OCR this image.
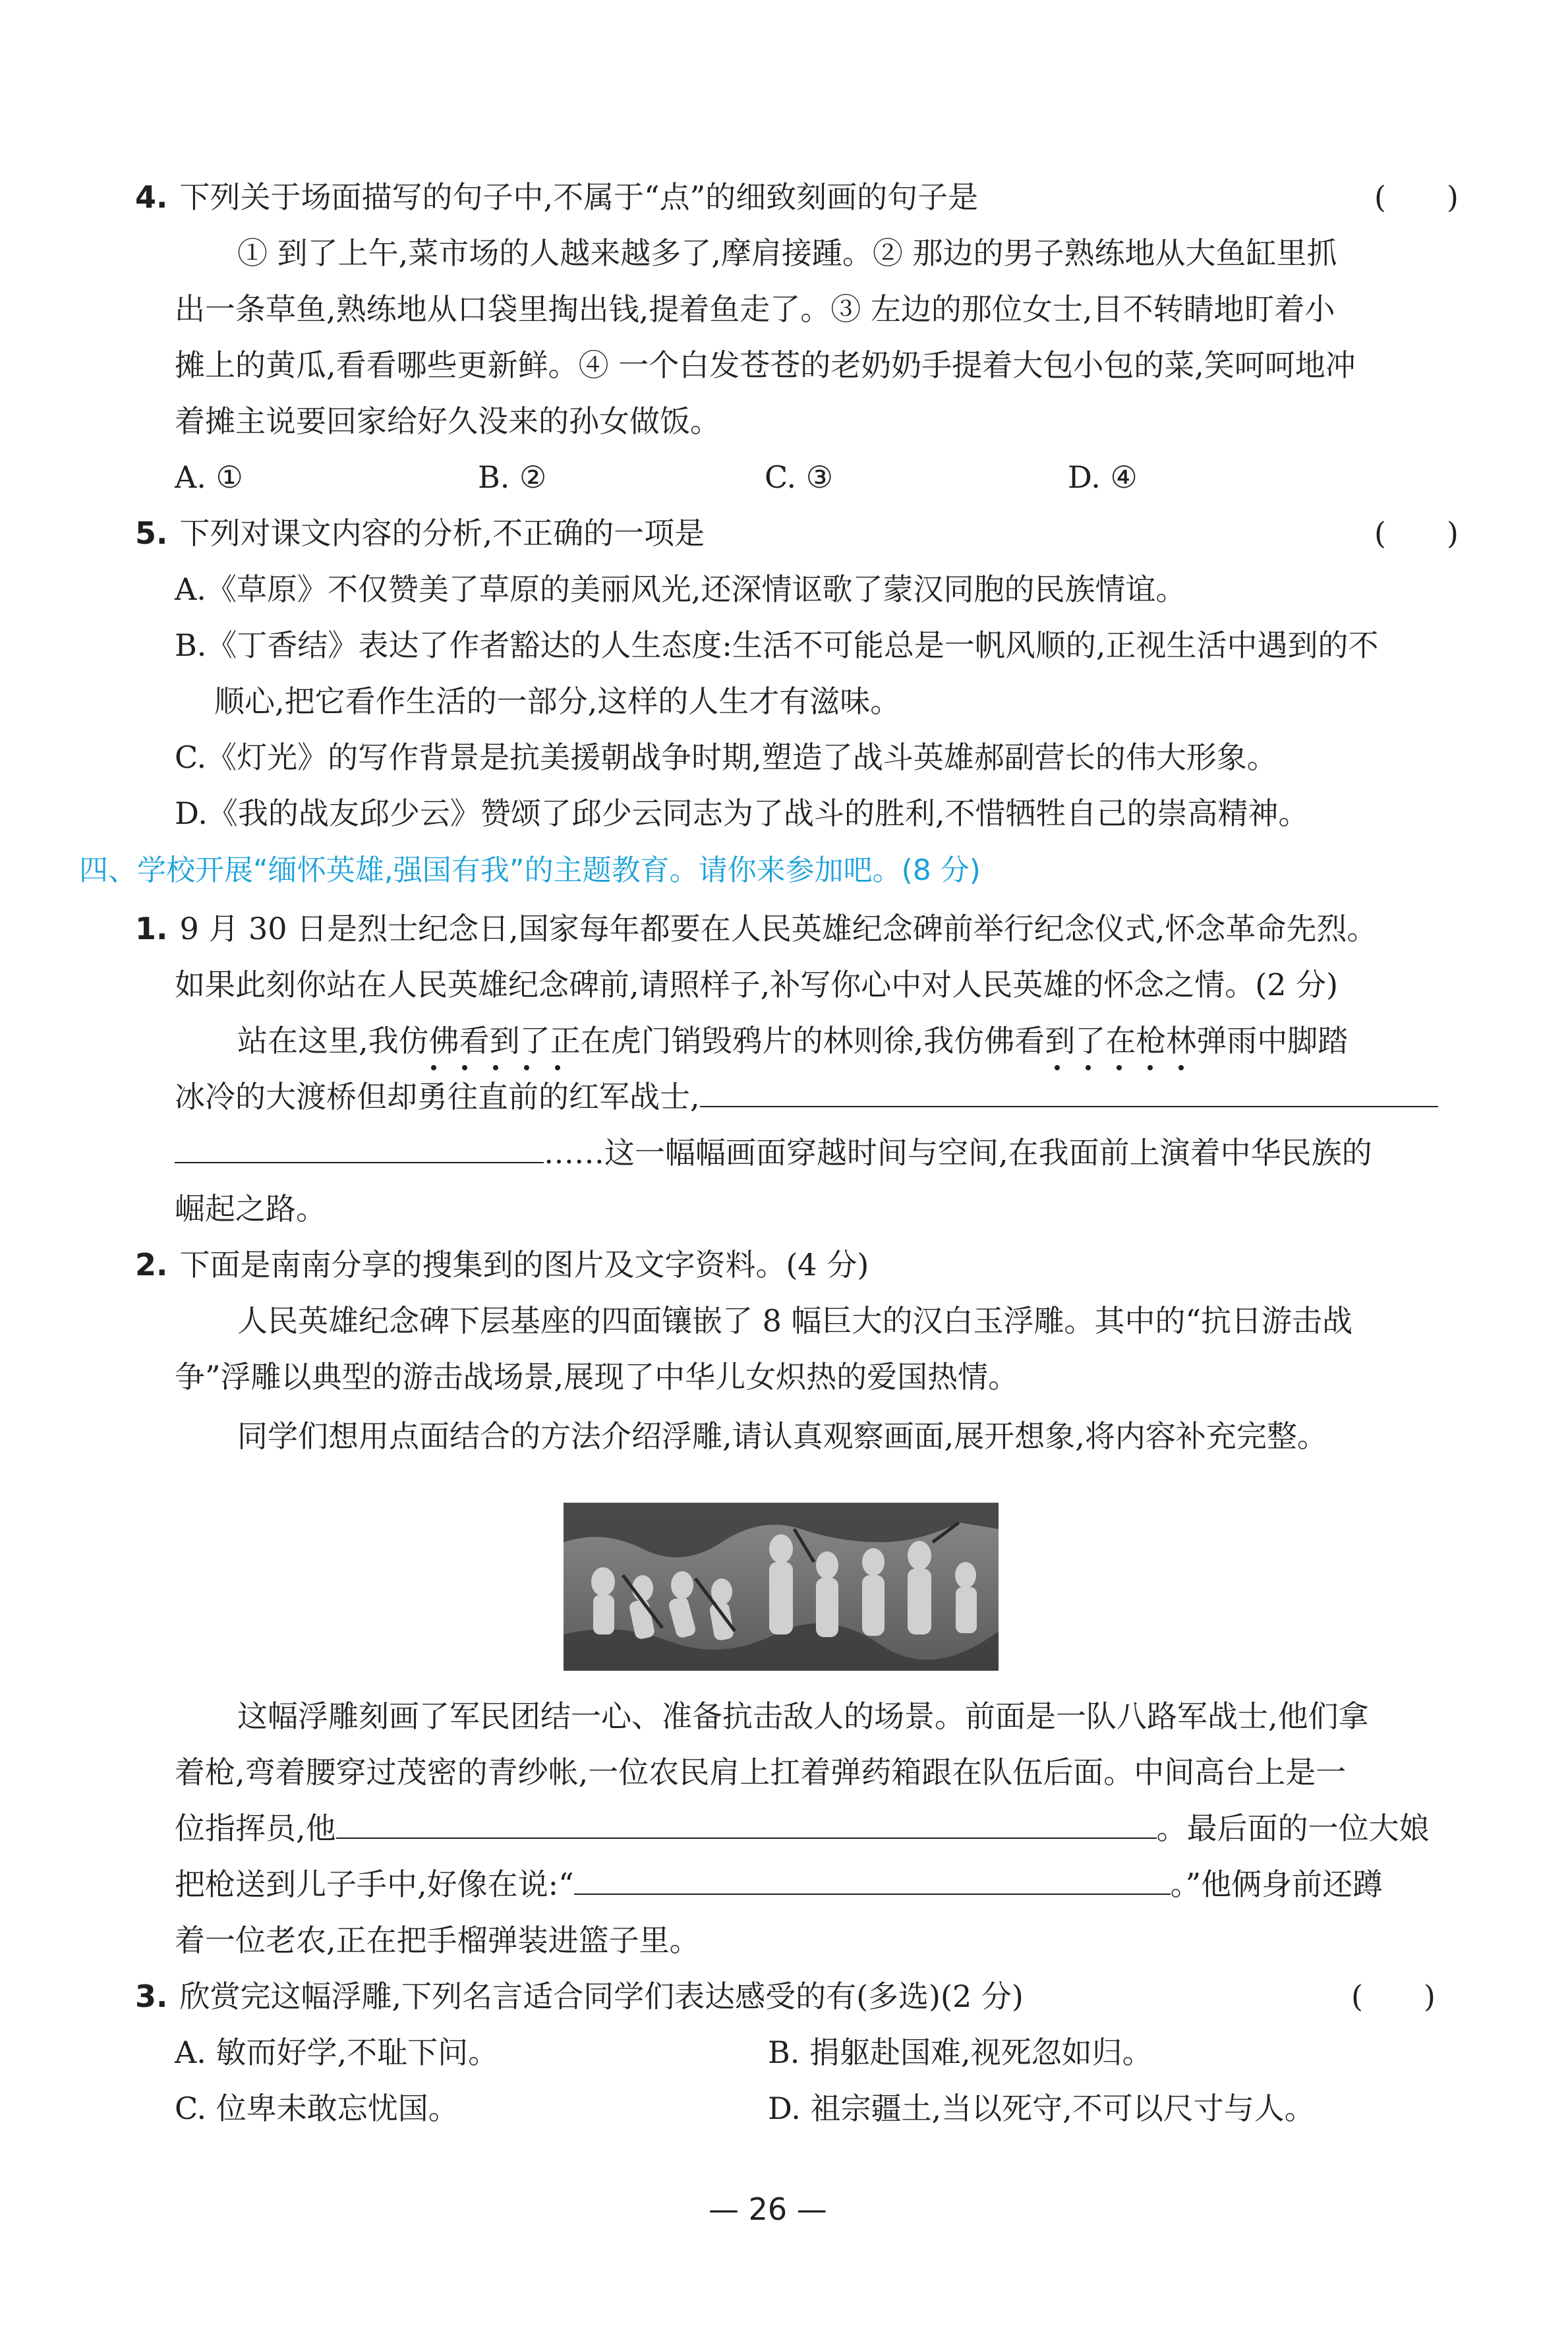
4. 下列关于场面描写的句子中,不属于“点”的细致刻画的句子是	(　　)
① 到了上午,菜市场的人越来越多了,摩肩接踵。② 那边的男子熟练地从大鱼缸里抓
出一条草鱼,熟练地从口袋里掏出钱,提着鱼走了。③ 左边的那位女士,目不转睛地盯着小
摊上的黄瓜,看看哪些更新鲜。④ 一个白发苍苍的老奶奶手提着大包小包的菜,笑呵呵地冲
着摊主说要回家给好久没来的孙女做饭。
A. ①	B. ②	C. ③	D. ④
5. 下列对课文内容的分析,不正确的一项是	(　　)
A.《草原》不仅赞美了草原的美丽风光,还深情讴歌了蒙汉同胞的民族情谊。
B.《丁香结》表达了作者豁达的人生态度:生活不可能总是一帆风顺的,正视生活中遇到的不
顺心,把它看作生活的一部分,这样的人生才有滋味。
C.《灯光》的写作背景是抗美援朝战争时期,塑造了战斗英雄郝副营长的伟大形象。
D.《我的战友邱少云》赞颂了邱少云同志为了战斗的胜利,不惜牺牲自己的崇高精神。
四、学校开展“缅怀英雄,强国有我”的主题教育。请你来参加吧。(8 分)
1. 9 月 30 日是烈士纪念日,国家每年都要在人民英雄纪念碑前举行纪念仪式,怀念革命先烈。
如果此刻你站在人民英雄纪念碑前,请照样子,补写你心中对人民英雄的怀念之情。(2 分)
站在这里,我仿佛看到了正在虎门销毁鸦片的林则徐,我仿佛看到了在枪林弹雨中脚踏
冰冷的大渡桥但却勇往直前的红军战士,
……这一幅幅画面穿越时间与空间,在我面前上演着中华民族的
崛起之路。
2. 下面是南南分享的搜集到的图片及文字资料。(4 分)
人民英雄纪念碑下层基座的四面镶嵌了 8 幅巨大的汉白玉浮雕。其中的“抗日游击战
争”浮雕以典型的游击战场景,展现了中华儿女炽热的爱国热情。
同学们想用点面结合的方法介绍浮雕,请认真观察画面,展开想象,将内容补充完整。
这幅浮雕刻画了军民团结一心、准备抗击敌人的场景。前面是一队八路军战士,他们拿
着枪,弯着腰穿过茂密的青纱帐,一位农民肩上扛着弹药箱跟在队伍后面。中间高台上是一
位指挥员,他	。最后面的一位大娘
把枪送到儿子手中,好像在说:“	。”他俩身前还蹲
着一位老农,正在把手榴弹装进篮子里。
3. 欣赏完这幅浮雕,下列名言适合同学们表达感受的有(多选)(2 分)	(　　)
A. 敏而好学,不耻下问。	B. 捐躯赴国难,视死忽如归。
C. 位卑未敢忘忧国。	D. 祖宗疆土,当以死守,不可以尺寸与人。
— 26 —
